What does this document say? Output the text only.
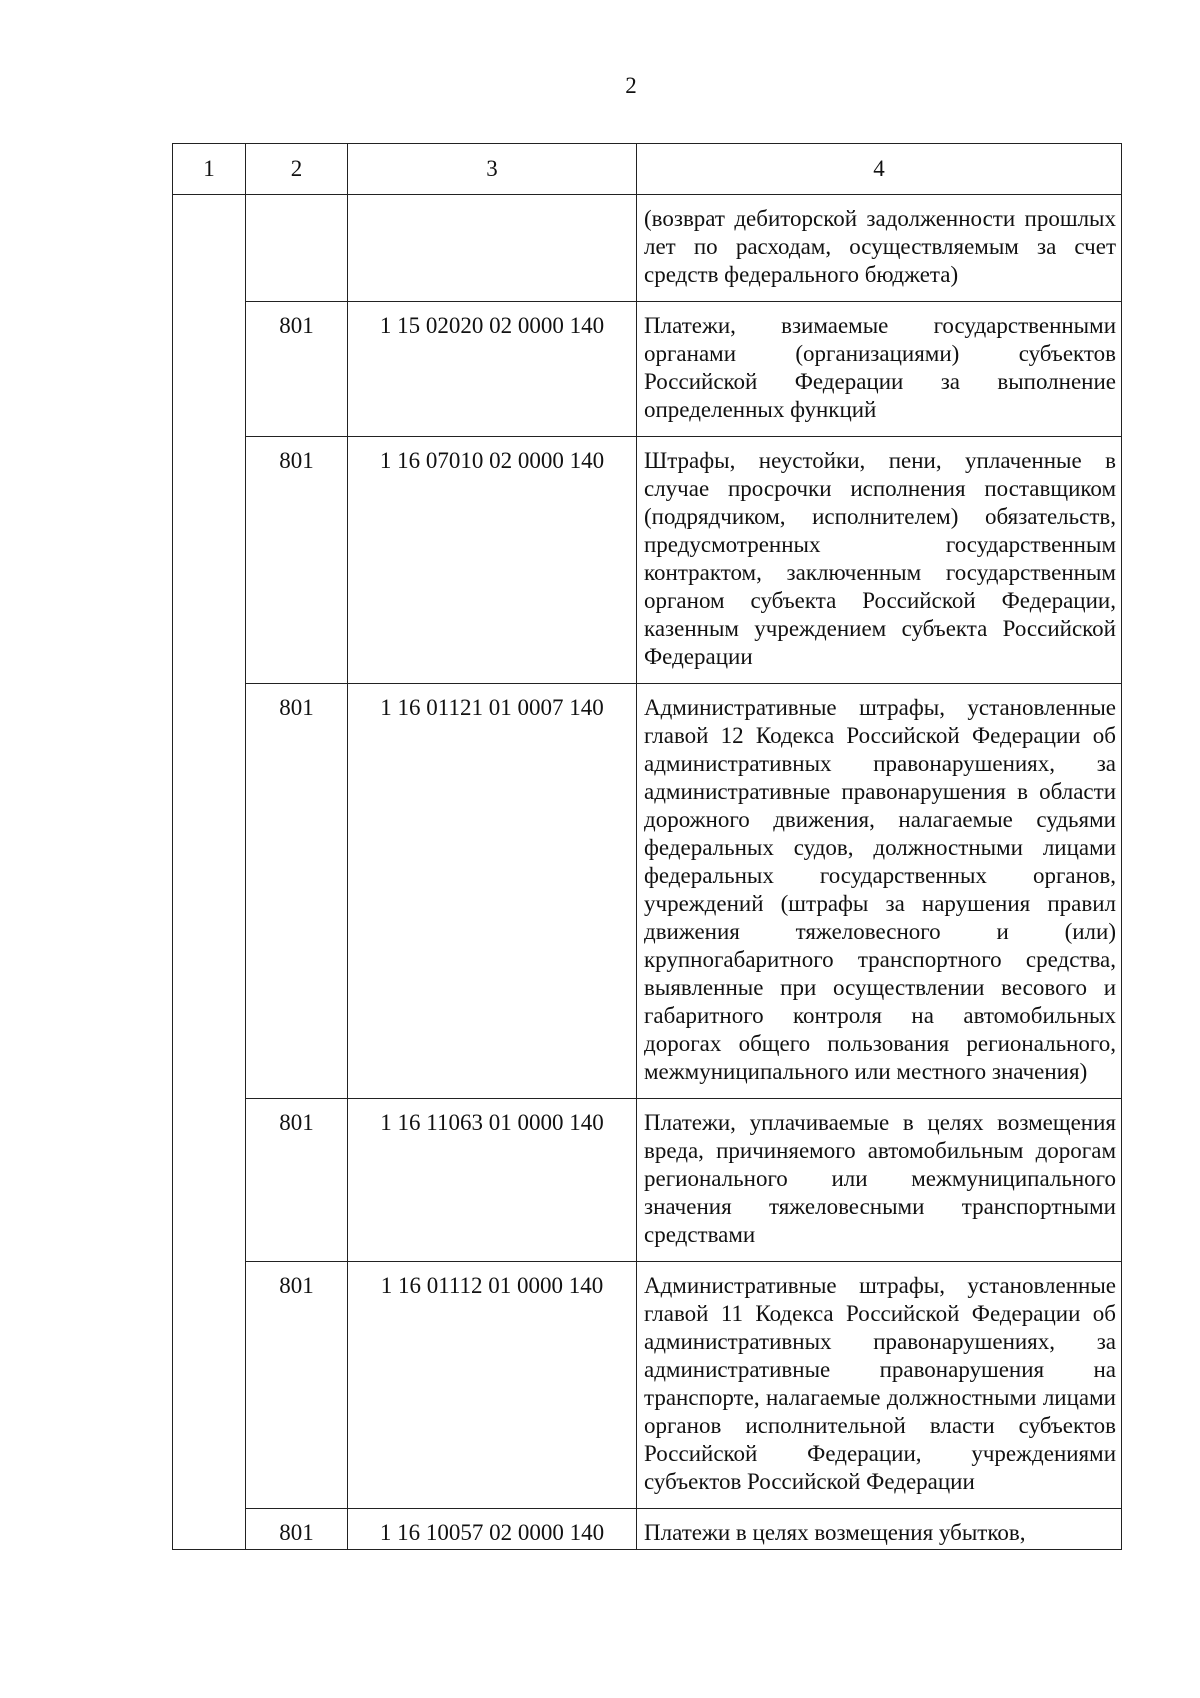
2
1	2	3	4

			(возврат дебиторской задолженности прошлых лет по расходам, осуществляемым за счет средств федерального бюджета)

	801	1 15 02020 02 0000 140	Платежи, взимаемые государственными органами (организациями) субъектов Российской Федерации за выполнение определенных функций

	801	1 16 07010 02 0000 140	Штрафы, неустойки, пени, уплаченные в случае просрочки исполнения поставщиком (подрядчиком, исполнителем) обязательств, предусмотренных государственным контрактом, заключенным государственным органом субъекта Российской Федерации, казенным учреждением субъекта Российской Федерации

	801	1 16 01121 01 0007 140	Административные штрафы, установленные главой 12 Кодекса Российской Федерации об административных правонарушениях, за административные правонарушения в области дорожного движения, налагаемые судьями федеральных судов, должностными лицами федеральных государственных органов, учреждений (штрафы за нарушения правил движения тяжеловесного и (или) крупногабаритного транспортного средства, выявленные при осуществлении весового и габаритного контроля на автомобильных дорогах общего пользования регионального, межмуниципального или местного значения)

	801	1 16 11063 01 0000 140	Платежи, уплачиваемые в целях возмещения вреда, причиняемого автомобильным дорогам регионального или межмуниципального значения тяжеловесными транспортными средствами

	801	1 16 01112 01 0000 140	Административные штрафы, установленные главой 11 Кодекса Российской Федерации об административных правонарушениях, за административные правонарушения на транспорте, налагаемые должностными лицами органов исполнительной власти субъектов Российской Федерации, учреждениями субъектов Российской Федерации

	801	1 16 10057 02 0000 140	Платежи в целях возмещения убытков,
